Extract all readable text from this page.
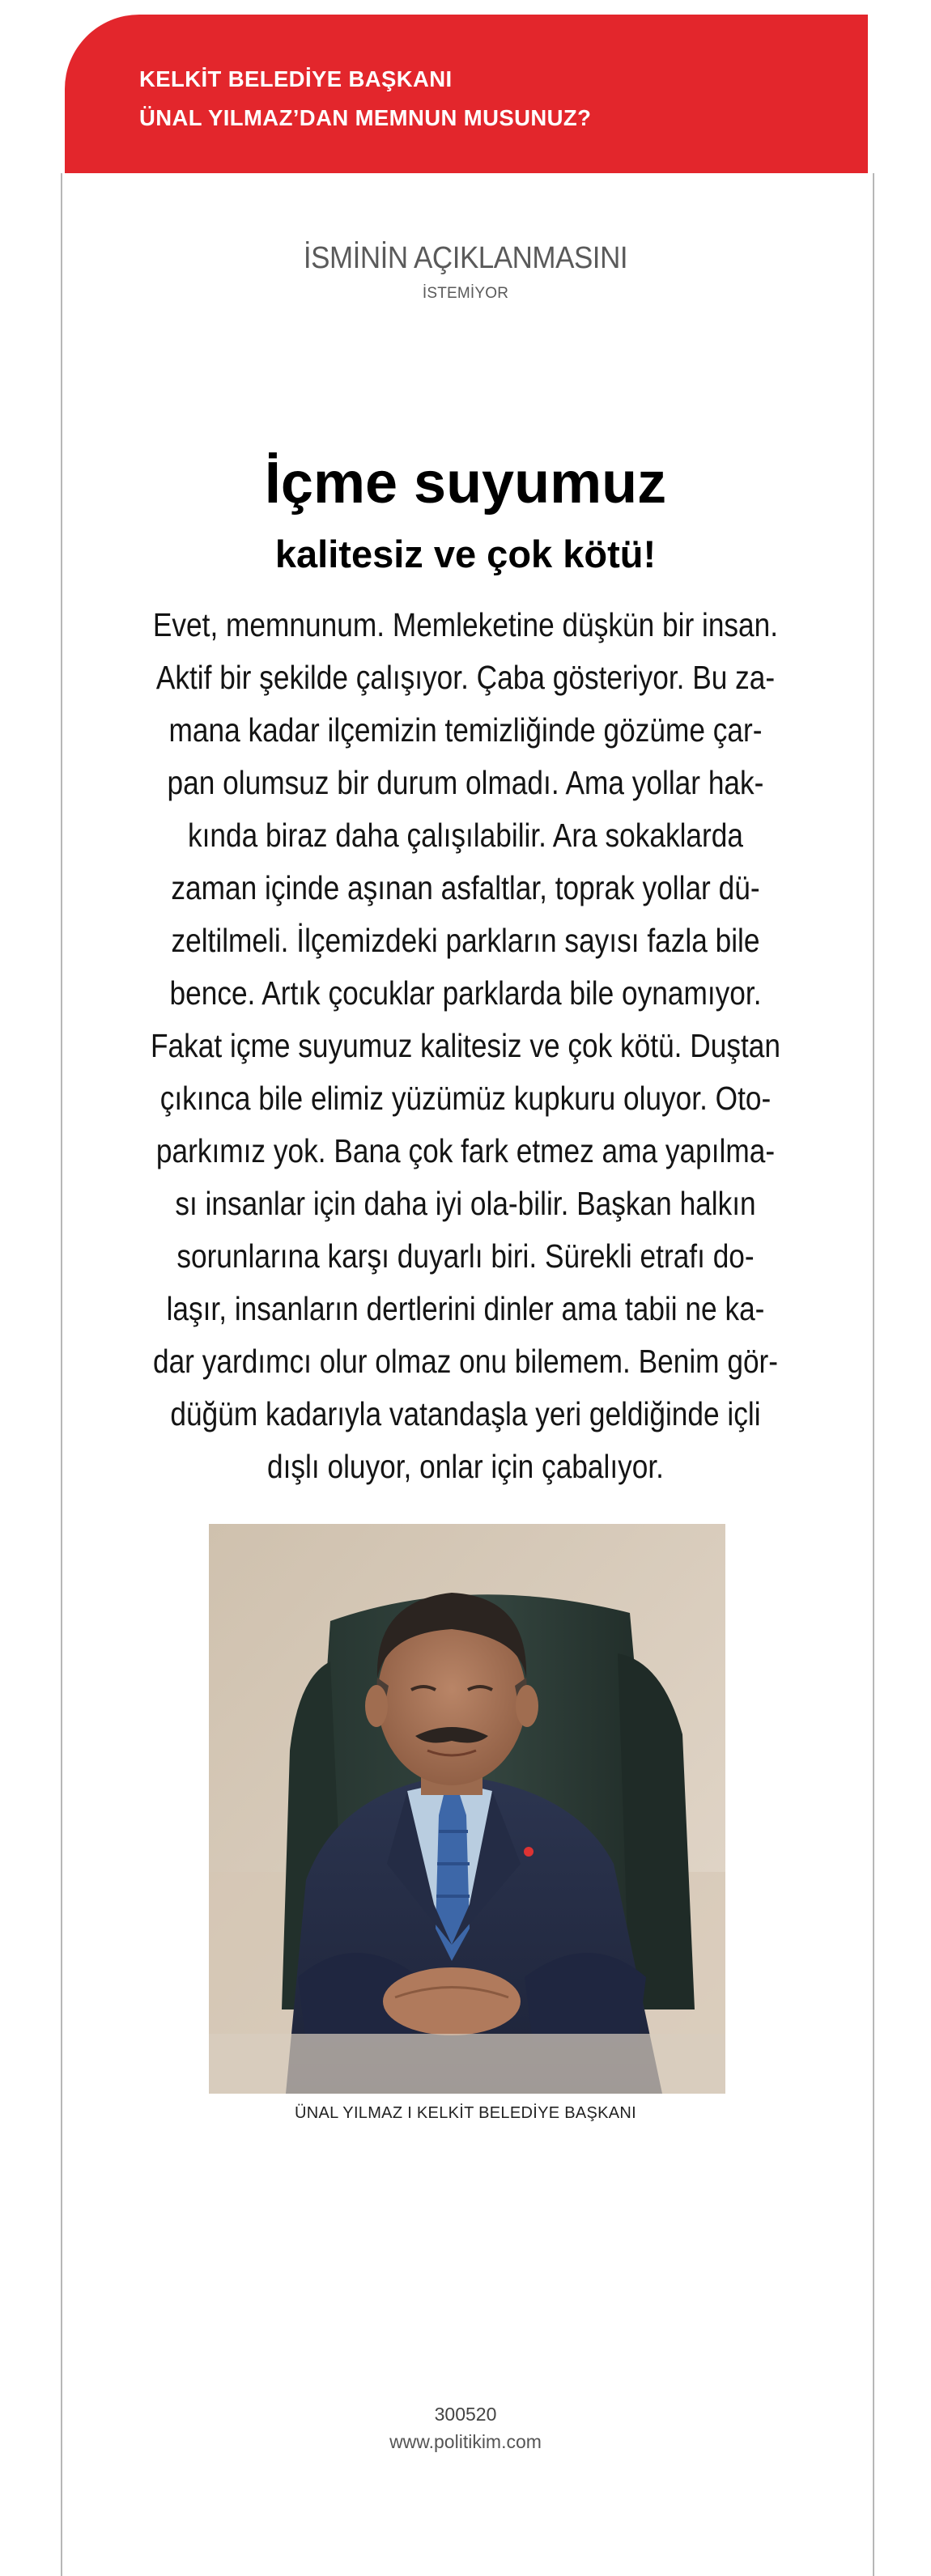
KELKİT BELEDİYE BAŞKANI
ÜNAL YILMAZ’DAN MEMNUN MUSUNUZ?
İSMİNİN AÇIKLANMASINI
İSTEMİYOR
İçme suyumuz
kalitesiz ve çok kötü!

Evet, memnunum. Memleketine düşkün bir insan.
Aktif bir şekilde çalışıyor. Çaba gösteriyor. Bu za-
mana kadar ilçemizin temizliğinde gözüme çar-
pan olumsuz bir durum olmadı. Ama yollar hak-
kında biraz daha çalışılabilir. Ara sokaklarda
zaman içinde aşınan asfaltlar, toprak yollar dü-
zeltilmeli. İlçemizdeki parkların sayısı fazla bile
bence. Artık çocuklar parklarda bile oynamıyor.
Fakat içme suyumuz kalitesiz ve çok kötü. Duştan
çıkınca bile elimiz yüzümüz kupkuru oluyor. Oto-
parkımız yok. Bana çok fark etmez ama yapılma-
sı insanlar için daha iyi ola-bilir. Başkan halkın
sorunlarına karşı duyarlı biri. Sürekli etrafı do-
laşır, insanların dertlerini dinler ama tabii ne ka-
dar yardımcı olur olmaz onu bilemem. Benim gör-
düğüm kadarıyla vatandaşla yeri geldiğinde içli
dışlı oluyor, onlar için çabalıyor.

ÜNAL YILMAZ I KELKİT BELEDİYE BAŞKANI
300520
www.politikim.com
